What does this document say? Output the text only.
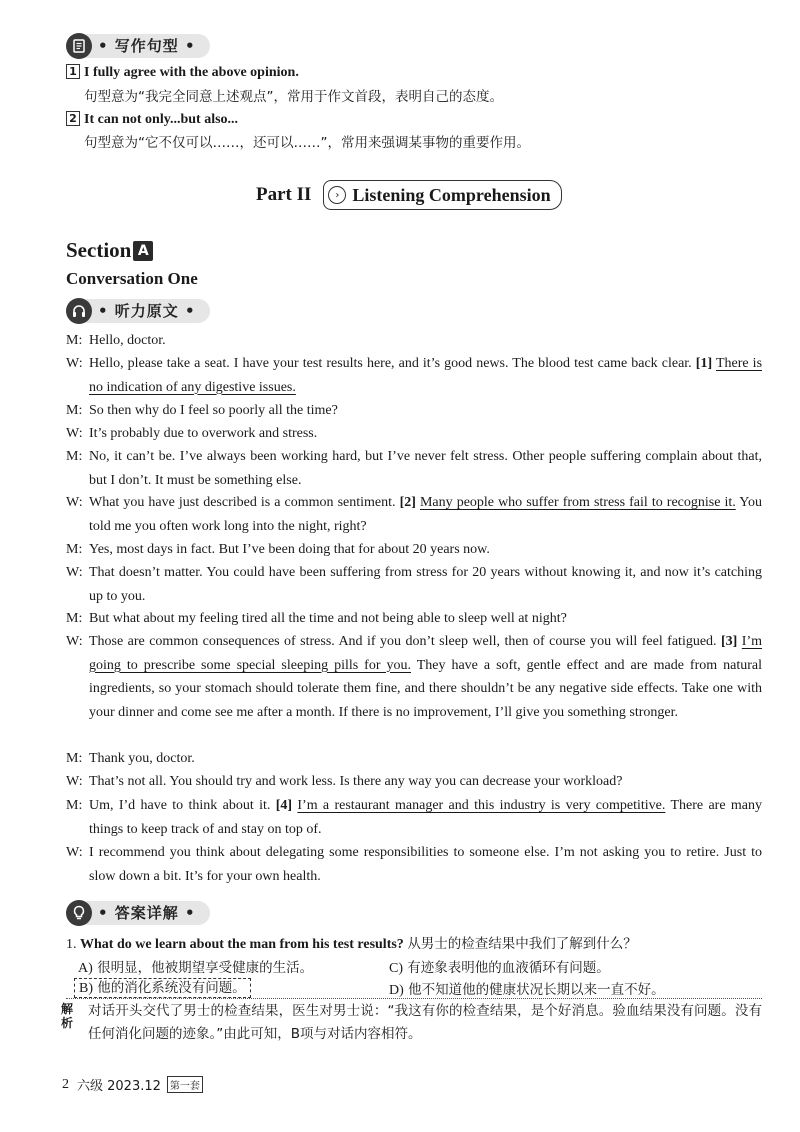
• 写作句型 •
1 I fully agree with the above opinion.
句型意为“我完全同意上述观点”，常用于作文首段，表明自己的态度。
2 It can not only...but also...
句型意为“它不仅可以……，还可以……”，常用来强调某事物的重要作用。
Part II	› Listening Comprehension
Section A
Conversation One
• 听力原文 •
M: Hello, doctor.
W: Hello, please take a seat. I have your test results here, and it’s good news. The blood test came back clear. [1] There is no indication of any digestive issues.
M: So then why do I feel so poorly all the time?
W: It’s probably due to overwork and stress.
M: No, it can’t be. I’ve always been working hard, but I’ve never felt stress. Other people suffering complain about that, but I don’t. It must be something else.
W: What you have just described is a common sentiment. [2] Many people who suffer from stress fail to recognise it. You told me you often work long into the night, right?
M: Yes, most days in fact. But I’ve been doing that for about 20 years now.
W: That doesn’t matter. You could have been suffering from stress for 20 years without knowing it, and now it’s catching up to you.
M: But what about my feeling tired all the time and not being able to sleep well at night?
W: Those are common consequences of stress. And if you don’t sleep well, then of course you will feel fatigued. [3] I’m going to prescribe some special sleeping pills for you. They have a soft, gentle effect and are made from natural ingredients, so your stomach should tolerate them fine, and there shouldn’t be any negative side effects. Take one with your dinner and come see me after a month. If there is no improvement, I’ll give you something stronger.
M: Thank you, doctor.
W: That’s not all. You should try and work less. Is there any way you can decrease your workload?
M: Um, I’d have to think about it. [4] I’m a restaurant manager and this industry is very competitive. There are many things to keep track of and stay on top of.
W: I recommend you think about delegating some responsibilities to someone else. I’m not asking you to retire. Just to slow down a bit. It’s for your own health.
• 答案详解 •
1. What do we learn about the man from his test results? 从男士的检查结果中我们了解到什么？
A) 很明显，他被期望享受健康的生活。	C) 有迹象表明他的血液循环有问题。
B) 他的消化系统没有问题。	D) 他不知道他的健康状况长期以来一直不好。
解析
对话开头交代了男士的检查结果，医生对男士说：“我这有你的检查结果，是个好消息。验血结果没有问题。没有任何消化问题的迹象。”由此可知，B项与对话内容相符。
2 六级 2023.12 第一套
